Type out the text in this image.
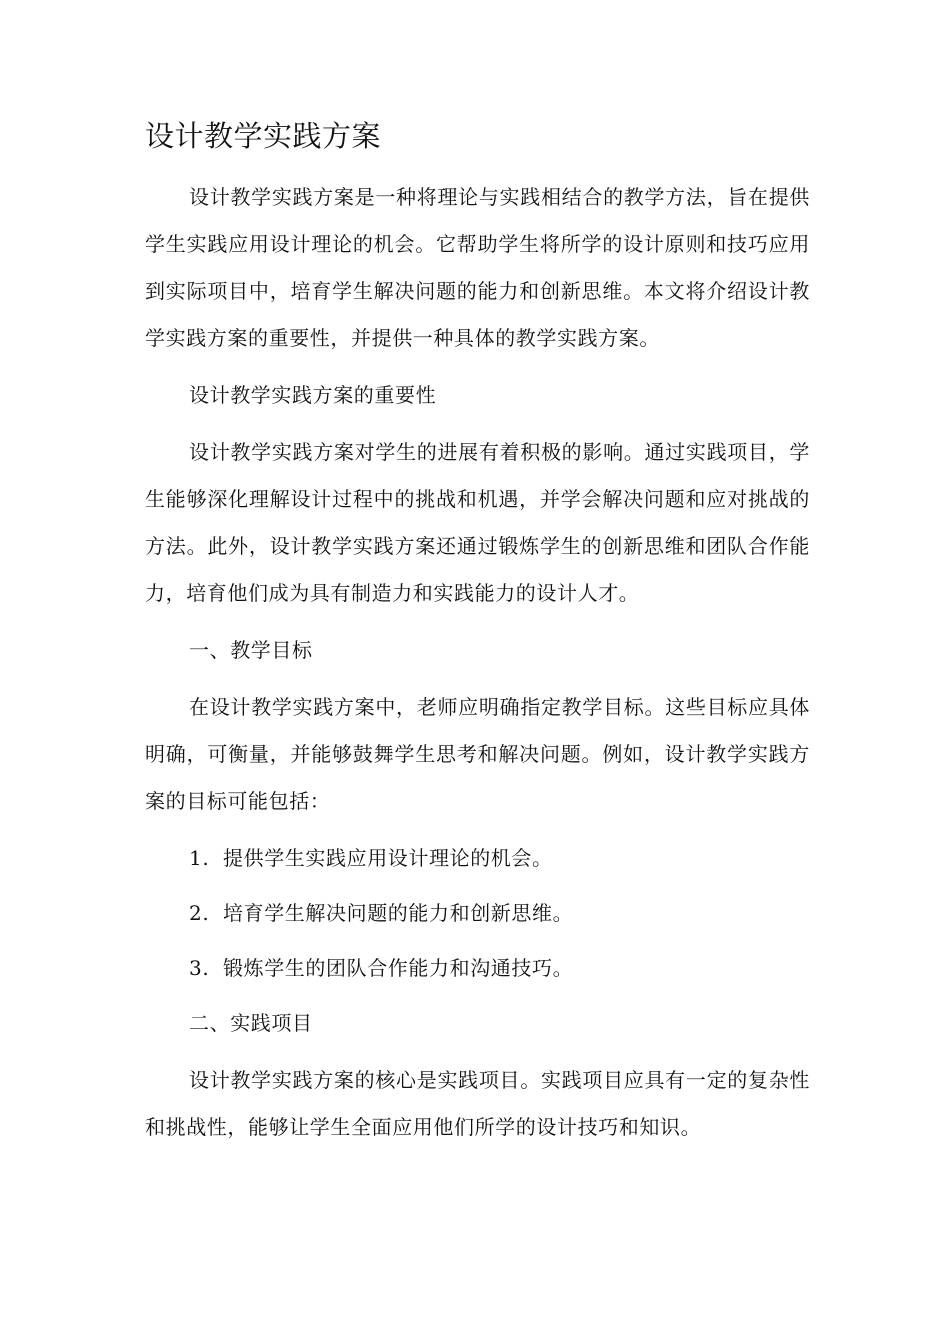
设计教学实践方案

设计教学实践方案是一种将理论与实践相结合的教学方法，旨在提供学生实践应用设计理论的机会。它帮助学生将所学的设计原则和技巧应用到实际项目中，培育学生解决问题的能力和创新思维。本文将介绍设计教学实践方案的重要性，并提供一种具体的教学实践方案。

设计教学实践方案的重要性

设计教学实践方案对学生的进展有着积极的影响。通过实践项目，学生能够深化理解设计过程中的挑战和机遇，并学会解决问题和应对挑战的方法。此外，设计教学实践方案还通过锻炼学生的创新思维和团队合作能力，培育他们成为具有制造力和实践能力的设计人才。

一、教学目标

在设计教学实践方案中，老师应明确指定教学目标。这些目标应具体明确，可衡量，并能够鼓舞学生思考和解决问题。例如，设计教学实践方案的目标可能包括：

1. 提供学生实践应用设计理论的机会。
2. 培育学生解决问题的能力和创新思维。
3. 锻炼学生的团队合作能力和沟通技巧。

二、实践项目

设计教学实践方案的核心是实践项目。实践项目应具有一定的复杂性和挑战性，能够让学生全面应用他们所学的设计技巧和知识。
